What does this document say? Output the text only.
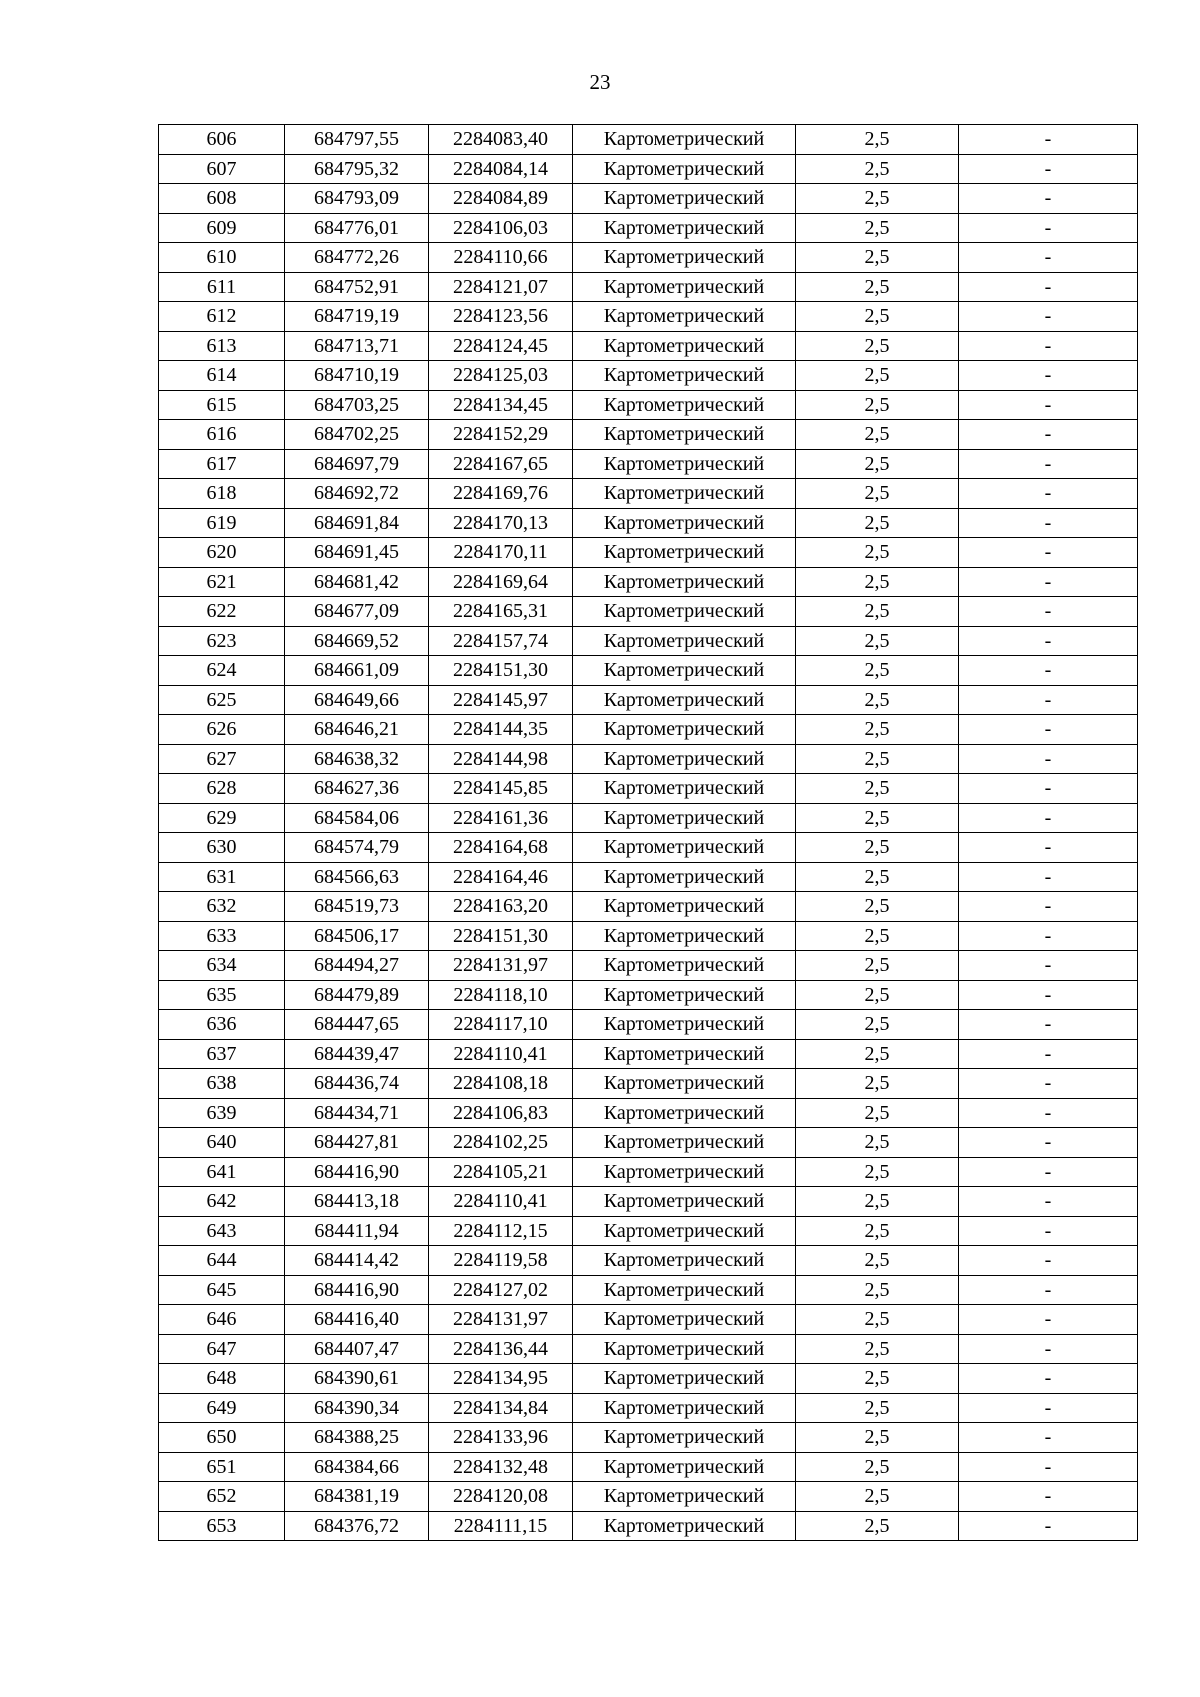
23
606	684797,55	2284083,40	Картометрический	2,5	-
607	684795,32	2284084,14	Картометрический	2,5	-
608	684793,09	2284084,89	Картометрический	2,5	-
609	684776,01	2284106,03	Картометрический	2,5	-
610	684772,26	2284110,66	Картометрический	2,5	-
611	684752,91	2284121,07	Картометрический	2,5	-
612	684719,19	2284123,56	Картометрический	2,5	-
613	684713,71	2284124,45	Картометрический	2,5	-
614	684710,19	2284125,03	Картометрический	2,5	-
615	684703,25	2284134,45	Картометрический	2,5	-
616	684702,25	2284152,29	Картометрический	2,5	-
617	684697,79	2284167,65	Картометрический	2,5	-
618	684692,72	2284169,76	Картометрический	2,5	-
619	684691,84	2284170,13	Картометрический	2,5	-
620	684691,45	2284170,11	Картометрический	2,5	-
621	684681,42	2284169,64	Картометрический	2,5	-
622	684677,09	2284165,31	Картометрический	2,5	-
623	684669,52	2284157,74	Картометрический	2,5	-
624	684661,09	2284151,30	Картометрический	2,5	-
625	684649,66	2284145,97	Картометрический	2,5	-
626	684646,21	2284144,35	Картометрический	2,5	-
627	684638,32	2284144,98	Картометрический	2,5	-
628	684627,36	2284145,85	Картометрический	2,5	-
629	684584,06	2284161,36	Картометрический	2,5	-
630	684574,79	2284164,68	Картометрический	2,5	-
631	684566,63	2284164,46	Картометрический	2,5	-
632	684519,73	2284163,20	Картометрический	2,5	-
633	684506,17	2284151,30	Картометрический	2,5	-
634	684494,27	2284131,97	Картометрический	2,5	-
635	684479,89	2284118,10	Картометрический	2,5	-
636	684447,65	2284117,10	Картометрический	2,5	-
637	684439,47	2284110,41	Картометрический	2,5	-
638	684436,74	2284108,18	Картометрический	2,5	-
639	684434,71	2284106,83	Картометрический	2,5	-
640	684427,81	2284102,25	Картометрический	2,5	-
641	684416,90	2284105,21	Картометрический	2,5	-
642	684413,18	2284110,41	Картометрический	2,5	-
643	684411,94	2284112,15	Картометрический	2,5	-
644	684414,42	2284119,58	Картометрический	2,5	-
645	684416,90	2284127,02	Картометрический	2,5	-
646	684416,40	2284131,97	Картометрический	2,5	-
647	684407,47	2284136,44	Картометрический	2,5	-
648	684390,61	2284134,95	Картометрический	2,5	-
649	684390,34	2284134,84	Картометрический	2,5	-
650	684388,25	2284133,96	Картометрический	2,5	-
651	684384,66	2284132,48	Картометрический	2,5	-
652	684381,19	2284120,08	Картометрический	2,5	-
653	684376,72	2284111,15	Картометрический	2,5	-
